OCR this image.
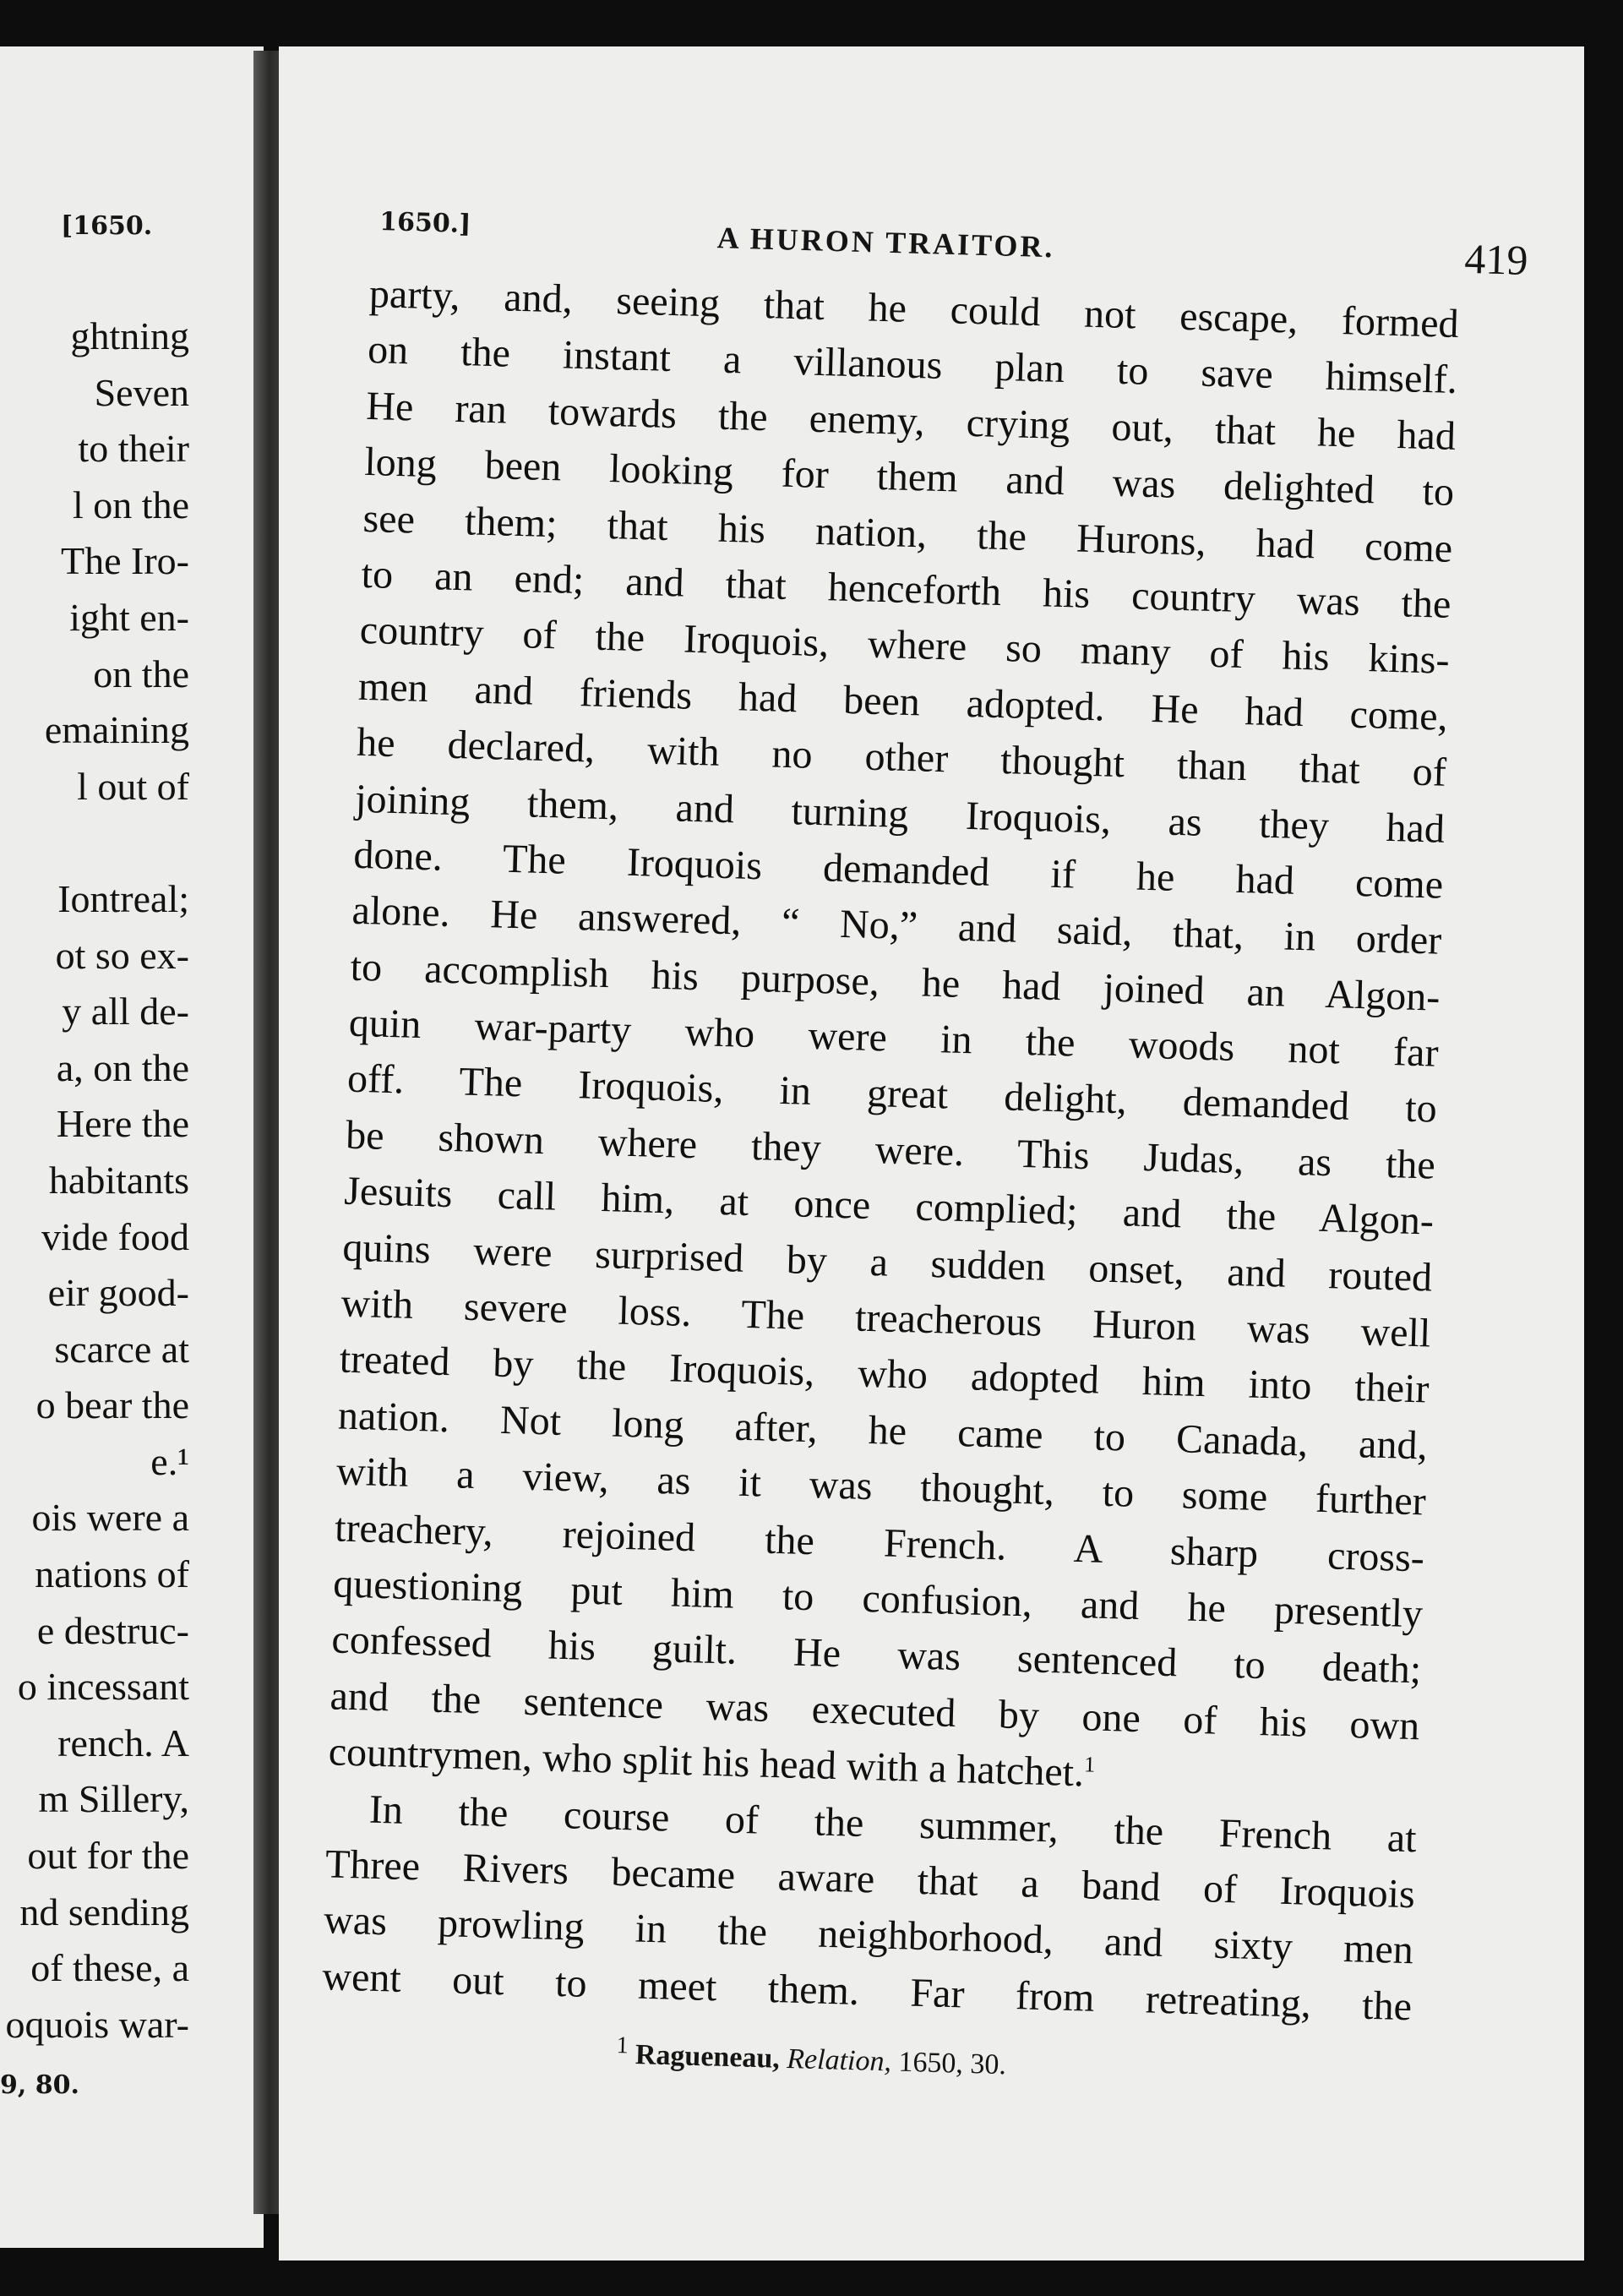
[1650.
ghtning
Seven
to their
l on the
The Iro-
ight en-
on the
emaining
l out of
Iontreal;
ot so ex-
y all de-
a, on the
Here the
habitants
vide food
eir good-
scarce at
o bear the
e.¹
ois were a
nations of
e destruc-
o incessant
rench. A
m Sillery,
out for the
nd sending
of these, a
oquois war-
9, 80.
1650.]	A HURON TRAITOR.	419
party, and, seeing that he could not escape, formed
on the instant a villanous plan to save himself.
He ran towards the enemy, crying out, that he had
long been looking for them and was delighted to
see them; that his nation, the Hurons, had come
to an end; and that henceforth his country was the
country of the Iroquois, where so many of his kins-
men and friends had been adopted. He had come,
he declared, with no other thought than that of
joining them, and turning Iroquois, as they had
done. The Iroquois demanded if he had come
alone. He answered, “ No,” and said, that, in order
to accomplish his purpose, he had joined an Algon-
quin war-party who were in the woods not far
off. The Iroquois, in great delight, demanded to
be shown where they were. This Judas, as the
Jesuits call him, at once complied; and the Algon-
quins were surprised by a sudden onset, and routed
with severe loss. The treacherous Huron was well
treated by the Iroquois, who adopted him into their
nation. Not long after, he came to Canada, and,
with a view, as it was thought, to some further
treachery, rejoined the French. A sharp cross-
questioning put him to confusion, and he presently
confessed his guilt. He was sentenced to death;
and the sentence was executed by one of his own
countrymen, who split his head with a hatchet.$^1$
In the course of the summer, the French at
Three Rivers became aware that a band of Iroquois
was prowling in the neighborhood, and sixty men
went out to meet them. Far from retreating, the
$^1$ Ragueneau, Relation, 1650, 30.
